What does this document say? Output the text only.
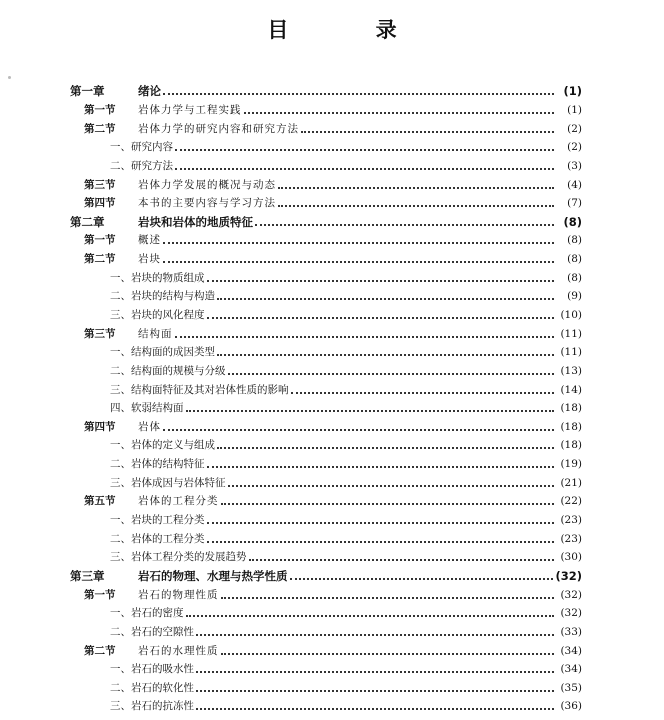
目 录
第一章	绪论	(1)
第一节	岩体力学与工程实践	(1)
第二节	岩体力学的研究内容和研究方法	(2)
一、研究内容	(2)
二、研究方法	(3)
第三节	岩体力学发展的概况与动态	(4)
第四节	本书的主要内容与学习方法	(7)
第二章	岩块和岩体的地质特征	(8)
第一节	概述	(8)
第二节	岩块	(8)
一、岩块的物质组成	(8)
二、岩块的结构与构造	(9)
三、岩块的风化程度	(10)
第三节	结构面	(11)
一、结构面的成因类型	(11)
二、结构面的规模与分级	(13)
三、结构面特征及其对岩体性质的影响	(14)
四、软弱结构面	(18)
第四节	岩体	(18)
一、岩体的定义与组成	(18)
二、岩体的结构特征	(19)
三、岩体成因与岩体特征	(21)
第五节	岩体的工程分类	(22)
一、岩块的工程分类	(23)
二、岩体的工程分类	(23)
三、岩体工程分类的发展趋势	(30)
第三章	岩石的物理、水理与热学性质	(32)
第一节	岩石的物理性质	(32)
一、岩石的密度	(32)
二、岩石的空隙性	(33)
第二节	岩石的水理性质	(34)
一、岩石的吸水性	(34)
二、岩石的软化性	(35)
三、岩石的抗冻性	(36)
